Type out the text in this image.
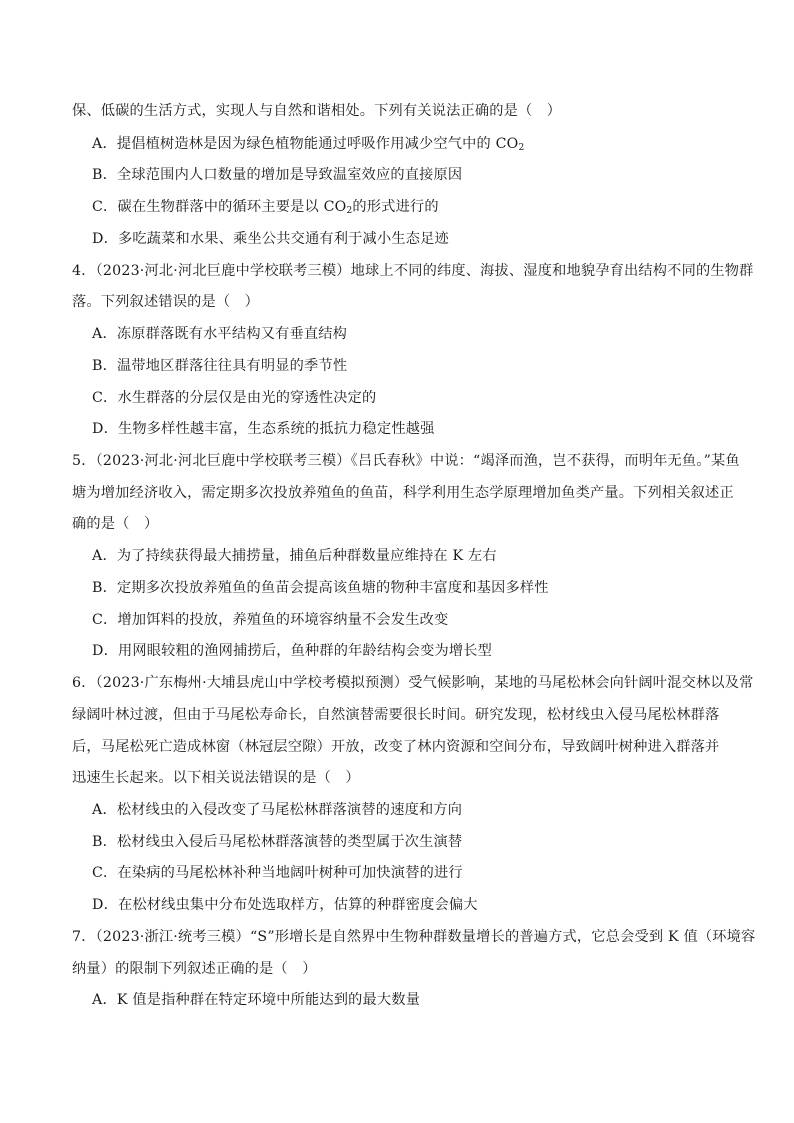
保、低碳的生活方式，实现人与自然和谐相处。下列有关说法正确的是（　）
A．提倡植树造林是因为绿色植物能通过呼吸作用减少空气中的 $CO_2$
B．全球范围内人口数量的增加是导致温室效应的直接原因
C．碳在生物群落中的循环主要是以 $CO_2$的形式进行的
D．多吃蔬菜和水果、乘坐公共交通有利于减小生态足迹
4．（2023·河北·河北巨鹿中学校联考三模）地球上不同的纬度、海拔、湿度和地貌孕育出结构不同的生物群
落。下列叙述错误的是（　）
A．冻原群落既有水平结构又有垂直结构
B．温带地区群落往往具有明显的季节性
C．水生群落的分层仅是由光的穿透性决定的
D．生物多样性越丰富，生态系统的抵抗力稳定性越强
5．（2023·河北·河北巨鹿中学校联考三模）《吕氏春秋》中说：“竭泽而渔，岂不获得，而明年无鱼。”某鱼
塘为增加经济收入，需定期多次投放养殖鱼的鱼苗，科学利用生态学原理增加鱼类产量。下列相关叙述正
确的是（　）
A．为了持续获得最大捕捞量，捕鱼后种群数量应维持在 K 左右
B．定期多次投放养殖鱼的鱼苗会提高该鱼塘的物种丰富度和基因多样性
C．增加饵料的投放，养殖鱼的环境容纳量不会发生改变
D．用网眼较粗的渔网捕捞后，鱼种群的年龄结构会变为增长型
6．（2023·广东梅州·大埔县虎山中学校考模拟预测）受气候影响，某地的马尾松林会向针阔叶混交林以及常
绿阔叶林过渡，但由于马尾松寿命长，自然演替需要很长时间。研究发现，松材线虫入侵马尾松林群落
后，马尾松死亡造成林窗（林冠层空隙）开放，改变了林内资源和空间分布，导致阔叶树种进入群落并
迅速生长起来。以下相关说法错误的是（　）
A．松材线虫的入侵改变了马尾松林群落演替的速度和方向
B．松材线虫入侵后马尾松林群落演替的类型属于次生演替
C．在染病的马尾松林补种当地阔叶树种可加快演替的进行
D．在松材线虫集中分布处选取样方，估算的种群密度会偏大
7．（2023·浙江·统考三模）“S”形增长是自然界中生物种群数量增长的普遍方式，它总会受到 K 值（环境容
纳量）的限制下列叙述正确的是（　）
A．K 值是指种群在特定环境中所能达到的最大数量
